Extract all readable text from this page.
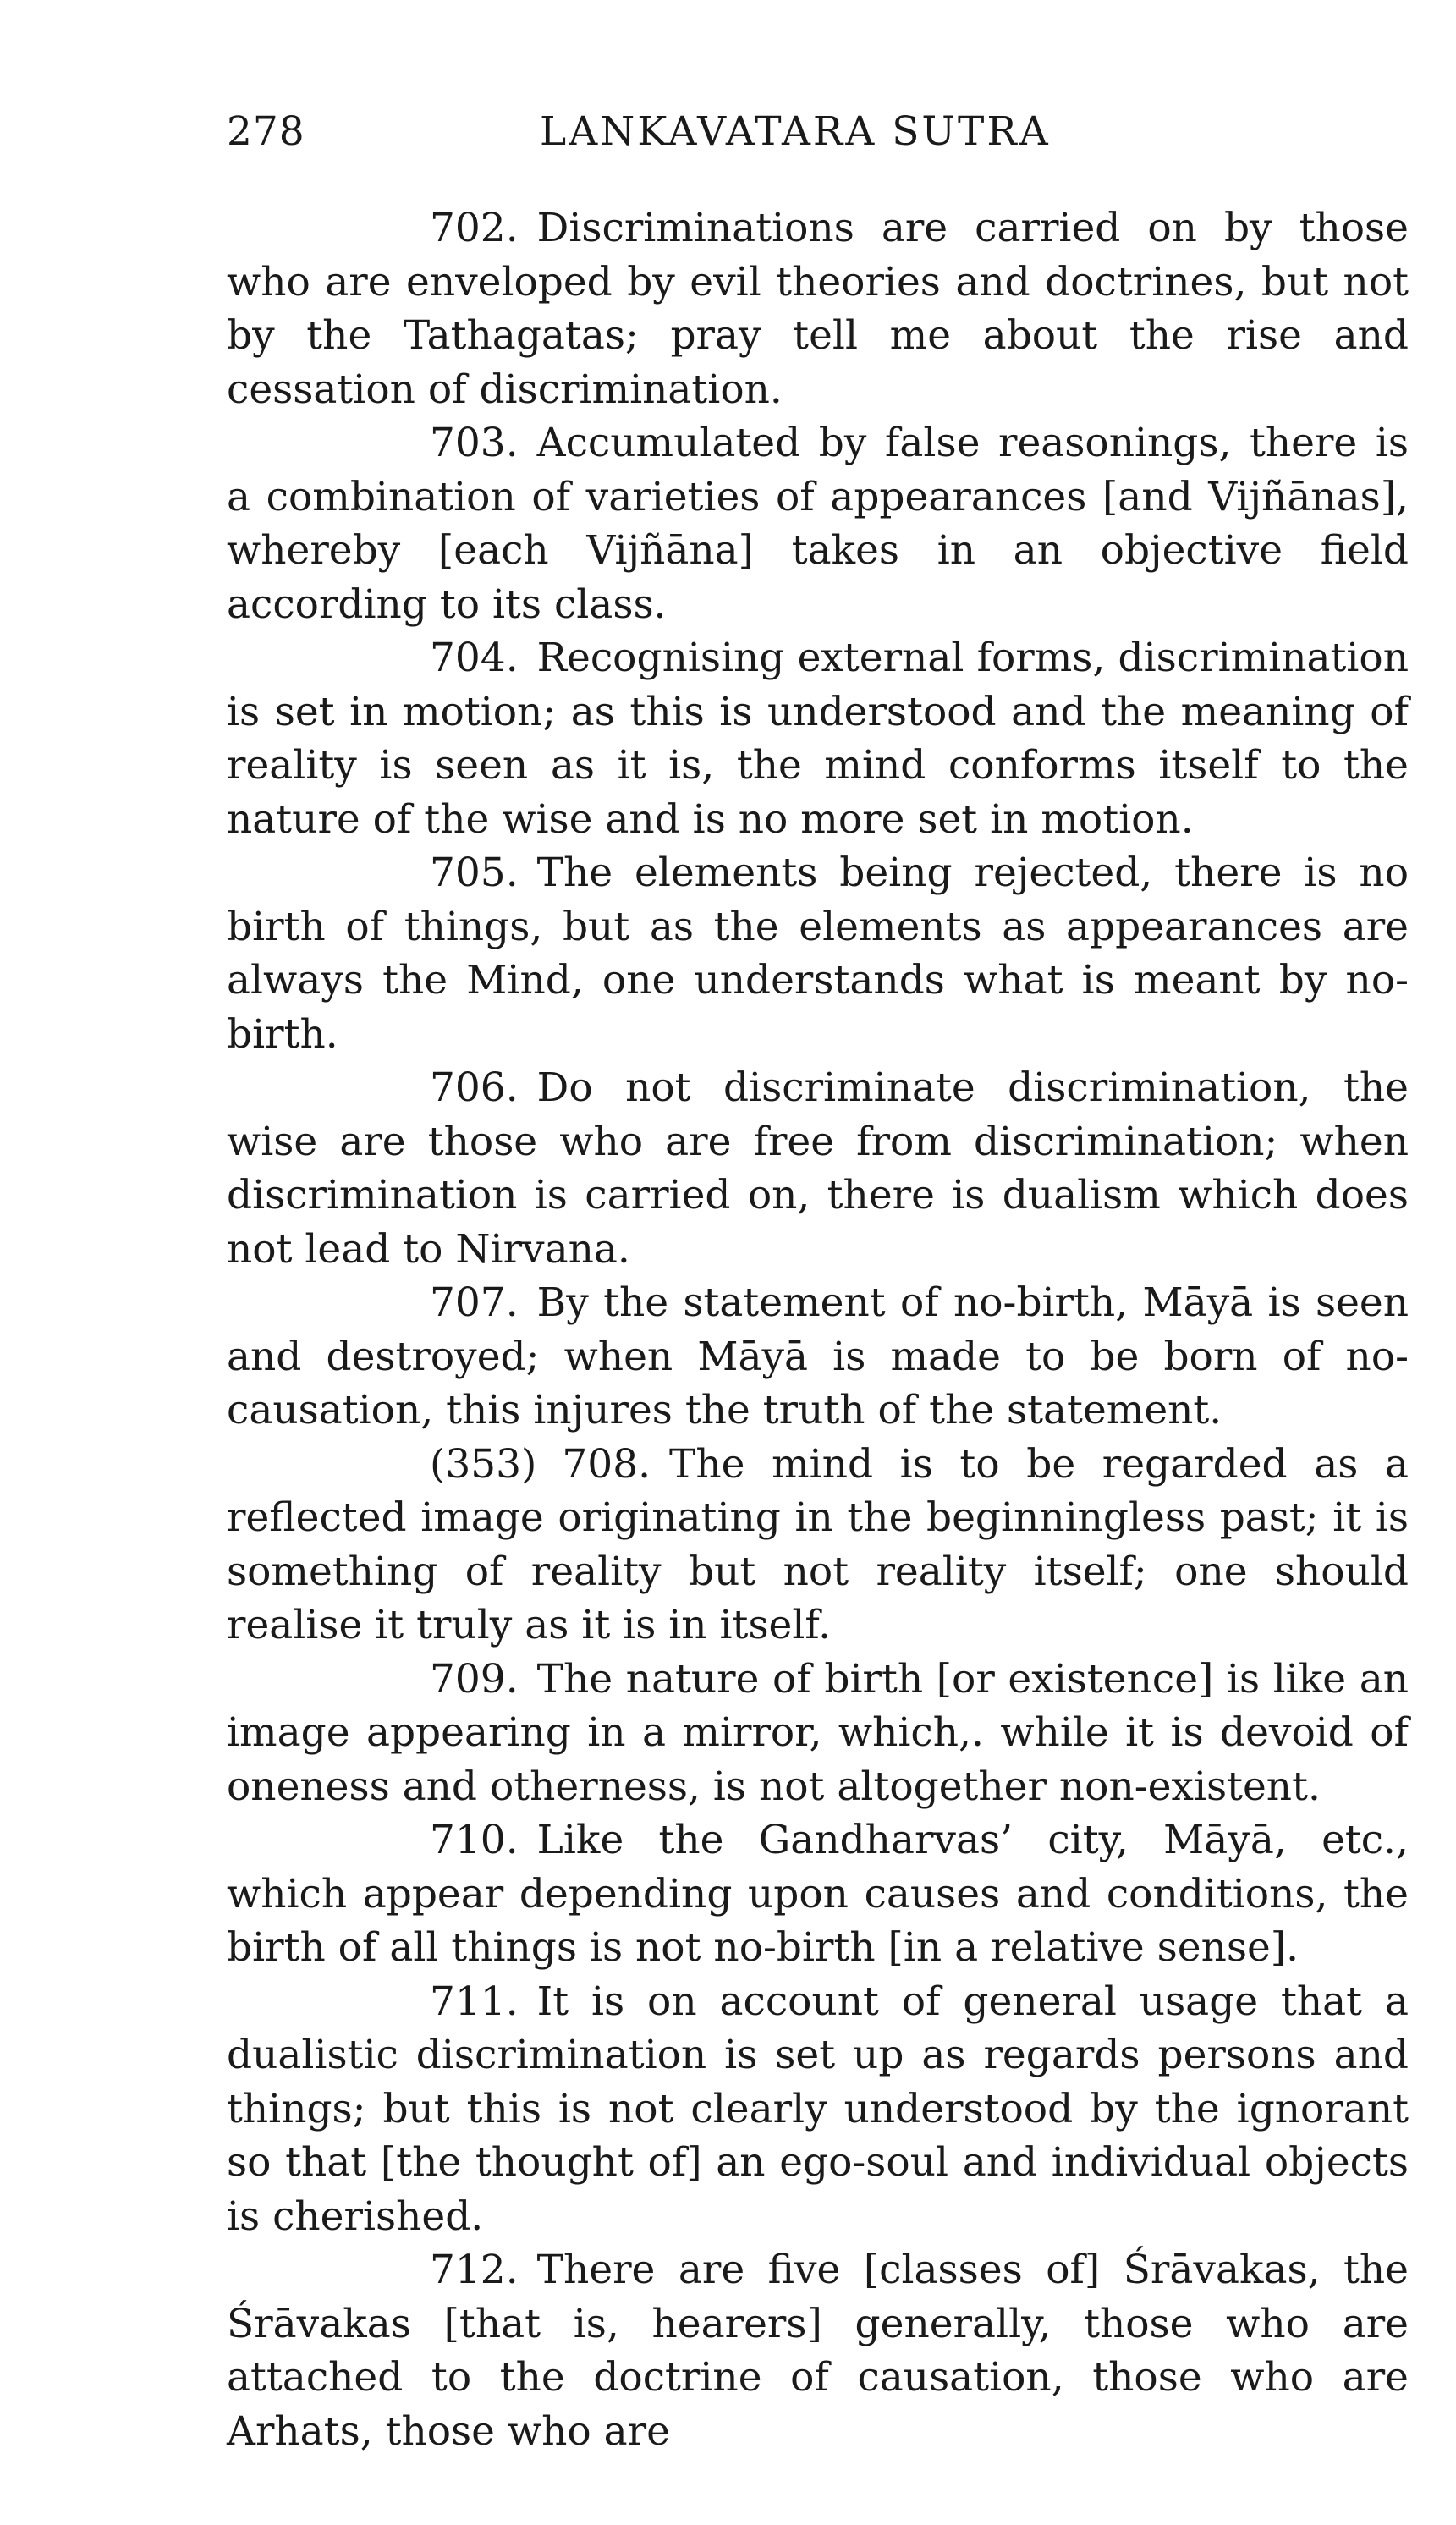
278	LANKAVATARA SUTRA

702. Discriminations are carried on by those who are enveloped by evil theories and doctrines, but not by the Tathagatas; pray tell me about the rise and cessation of discrimination.

703. Accumulated by false reasonings, there is a combination of varieties of appearances [and Vijñānas], whereby [each Vijñāna] takes in an objective field according to its class.

704. Recognising external forms, discrimination is set in motion; as this is understood and the meaning of reality is seen as it is, the mind conforms itself to the nature of the wise and is no more set in motion.

705. The elements being rejected, there is no birth of things, but as the elements as appearances are always the Mind, one understands what is meant by no-birth.

706. Do not discriminate discrimination, the wise are those who are free from discrimination; when discrimination is carried on, there is dualism which does not lead to Nirvana.

707. By the statement of no-birth, Māyā is seen and destroyed; when Māyā is made to be born of no-causation, this injures the truth of the statement.

(353) 708. The mind is to be regarded as a reflected image originating in the beginningless past; it is something of reality but not reality itself; one should realise it truly as it is in itself.

709. The nature of birth [or existence] is like an image appearing in a mirror, which,. while it is devoid of oneness and otherness, is not altogether non-existent.

710. Like the Gandharvas’ city, Māyā, etc., which appear depending upon causes and conditions, the birth of all things is not no-birth [in a relative sense].

711. It is on account of general usage that a dualistic discrimination is set up as regards persons and things; but this is not clearly understood by the ignorant so that [the thought of] an ego-soul and individual objects is cherished.

712. There are five [classes of] Śrāvakas, the Śrāvakas [that is, hearers] generally, those who are attached to the doctrine of causation, those who are Arhats, those who are
